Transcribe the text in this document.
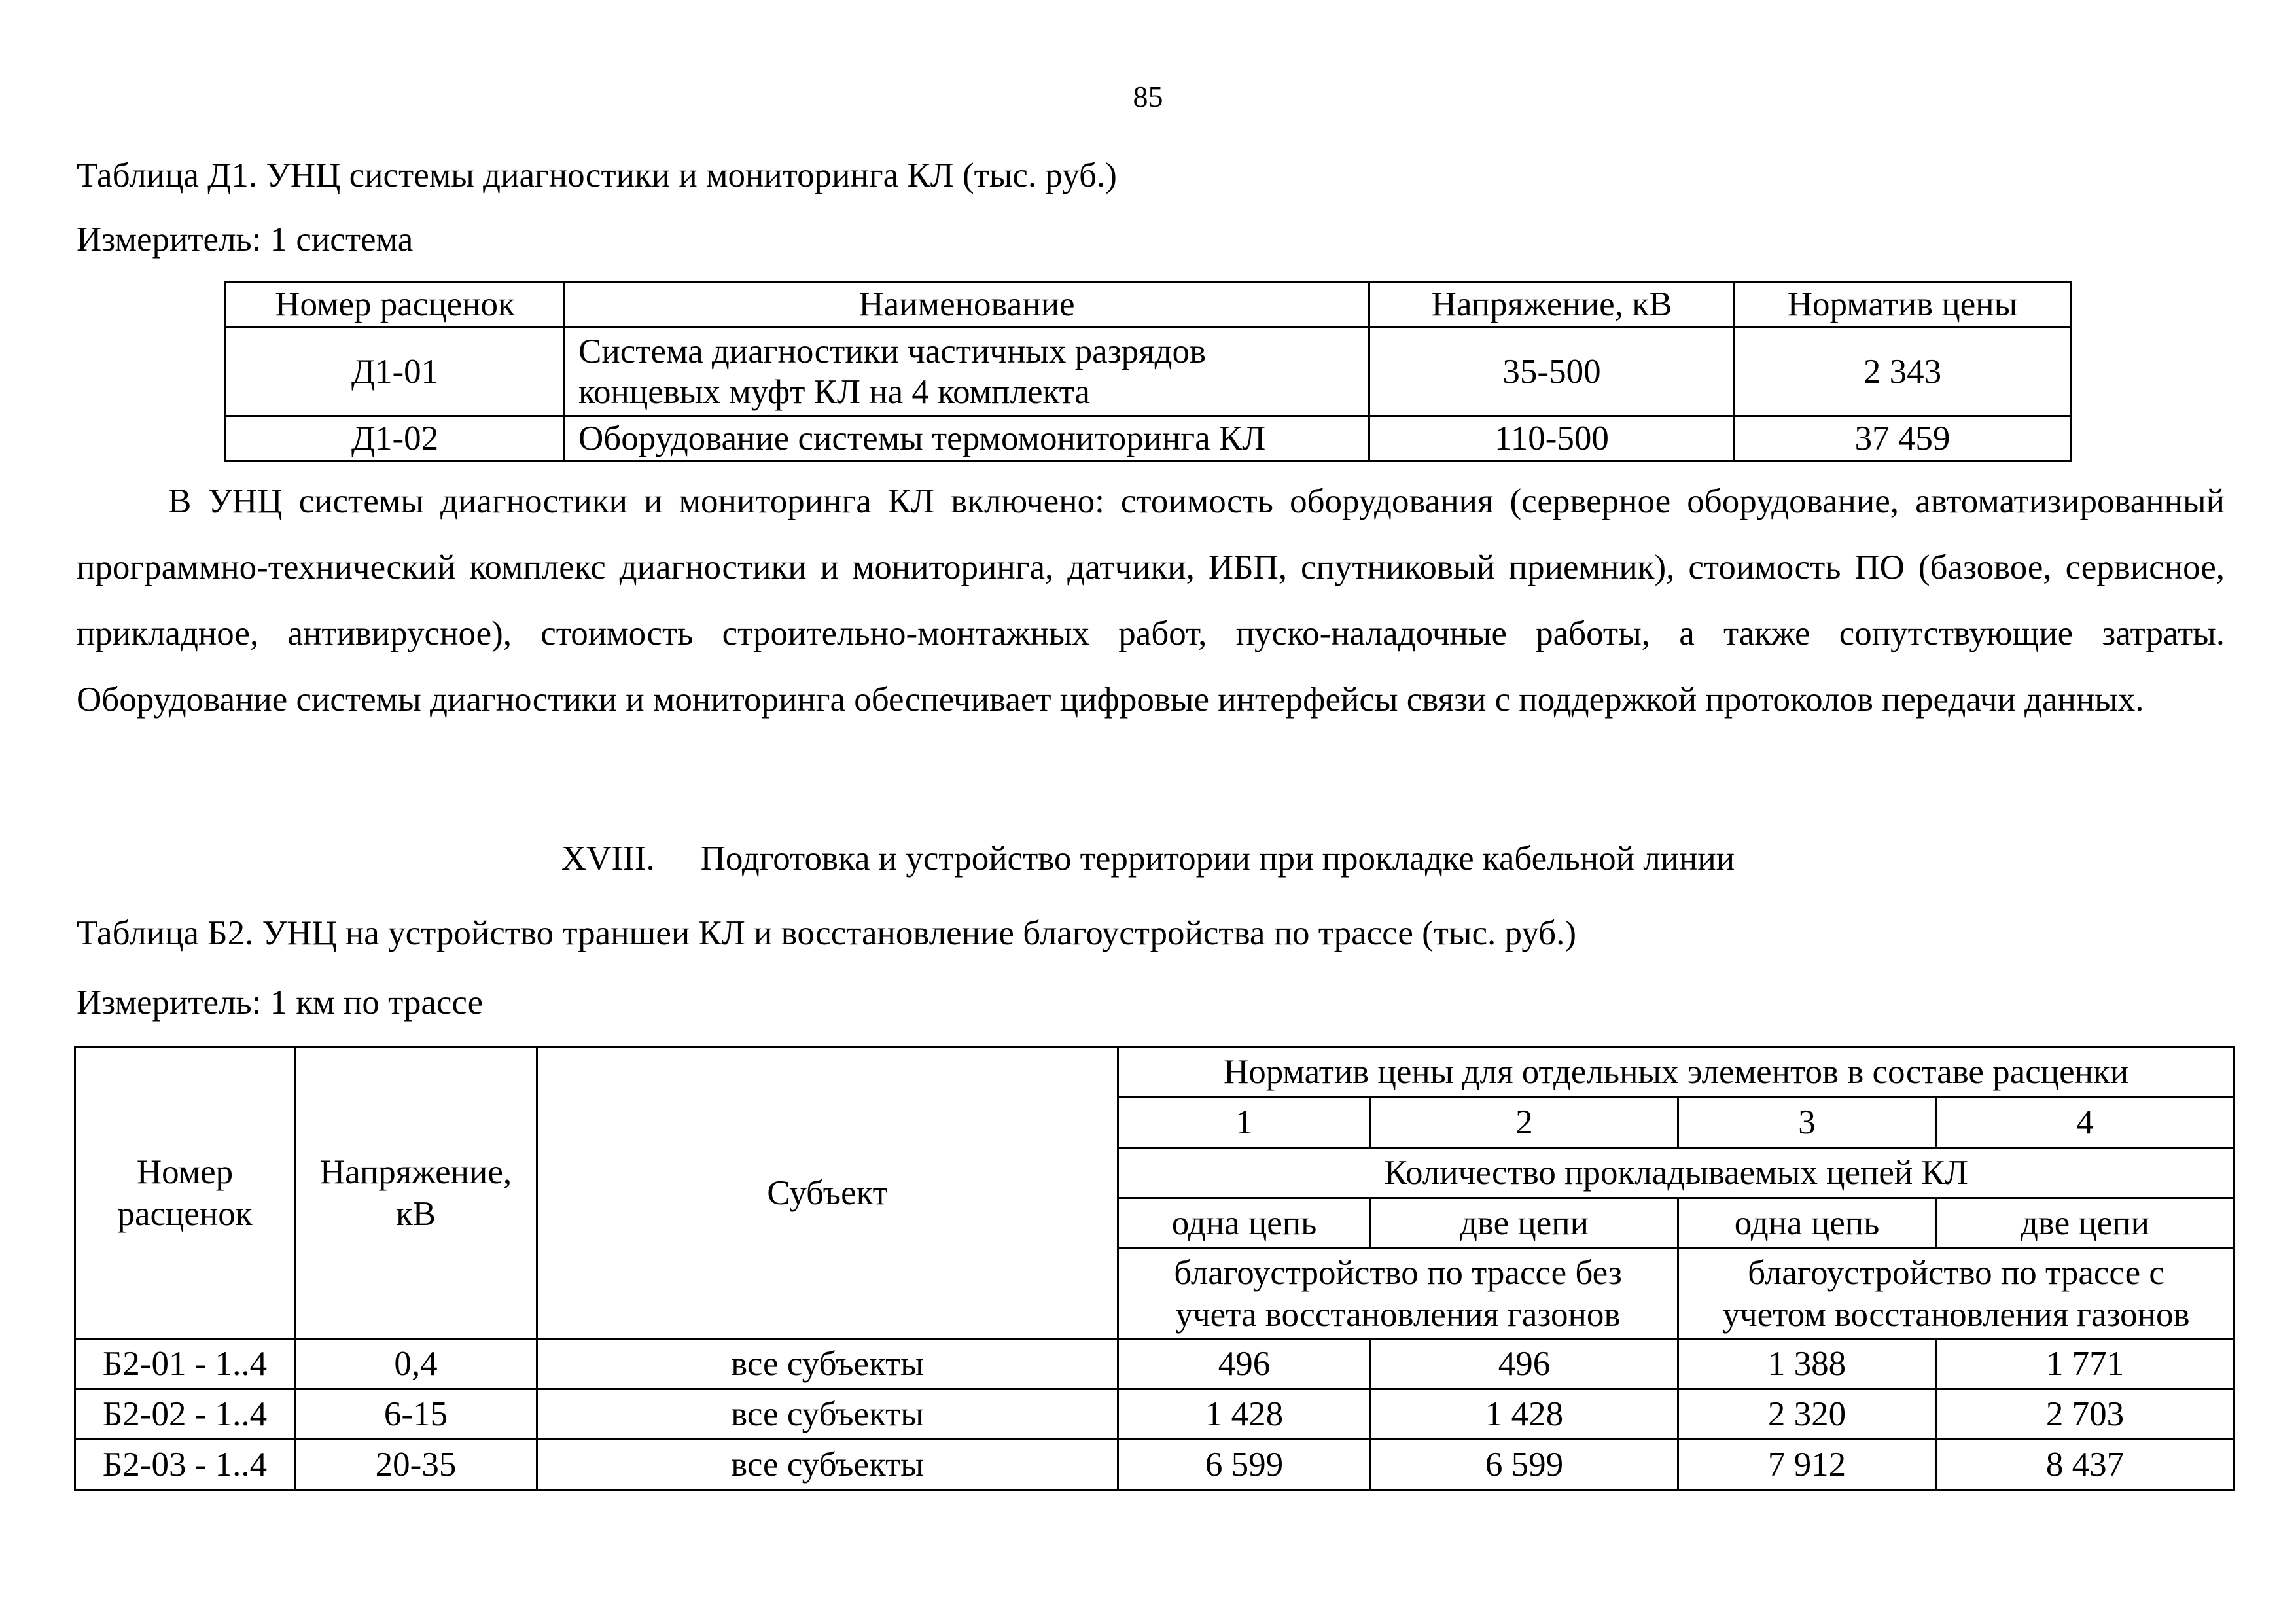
85
Таблица Д1. УНЦ системы диагностики и мониторинга КЛ (тыс. руб.)
Измеритель: 1 система
Номер расценок	Наименование	Напряжение, кВ	Норматив цены
Д1-01	Система диагностики частичных разрядов концевых муфт КЛ на 4 комплекта	35-500	2 343
Д1-02	Оборудование системы термомониторинга КЛ	110-500	37 459

В УНЦ системы диагностики и мониторинга КЛ включено: стоимость оборудования (серверное оборудование, автоматизированный программно-технический комплекс диагностики и мониторинга, датчики, ИБП, спутниковый приемник), стоимость ПО (базовое, сервисное, прикладное, антивирусное), стоимость строительно-монтажных работ, пуско-наладочные работы, а также сопутствующие затраты. Оборудование системы диагностики и мониторинга обеспечивает цифровые интерфейсы связи с поддержкой протоколов передачи данных.

XVIII. Подготовка и устройство территории при прокладке кабельной линии
Таблица Б2. УНЦ на устройство траншеи КЛ и восстановление благоустройства по трассе (тыс. руб.)
Измеритель: 1 км по трассе
Номер расценок	Напряжение, кВ	Субъект	Норматив цены для отдельных элементов в составе расценки			
			1	2	3	4
			Количество прокладываемых цепей КЛ			
			одна цепь	две цепи	одна цепь	две цепи
			благоустройство по трассе без учета восстановления газонов		благоустройство по трассе с учетом восстановления газонов	
Б2-01 - 1..4	0,4	все субъекты	496	496	1 388	1 771
Б2-02 - 1..4	6-15	все субъекты	1 428	1 428	2 320	2 703
Б2-03 - 1..4	20-35	все субъекты	6 599	6 599	7 912	8 437
